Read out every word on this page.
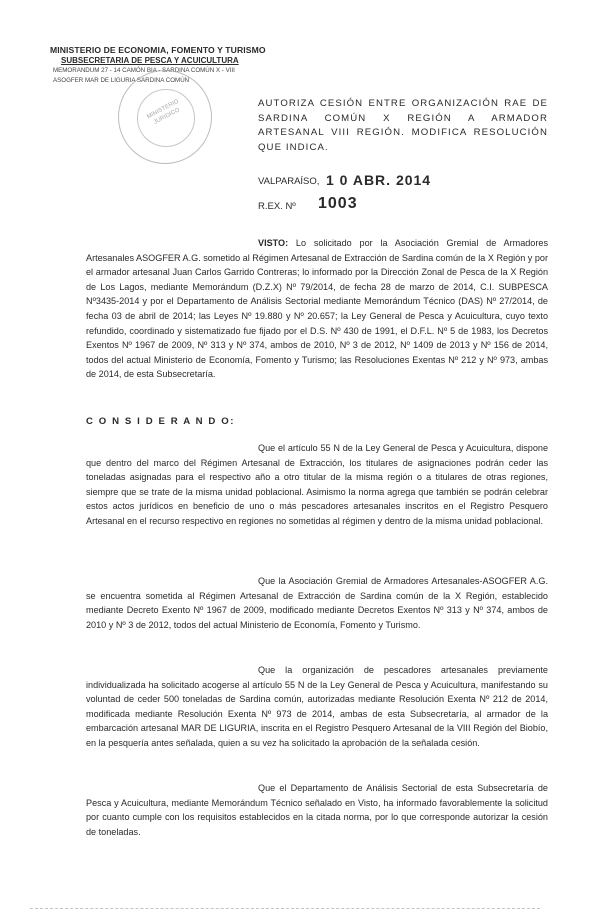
MINISTERIO DE ECONOMIA, FOMENTO Y TURISMO
SUBSECRETARIA DE PESCA Y ACUICULTURA
MEMORANDUM 27 - 14 CAMÓN BIA - SARDINA COMÚN X - VIII
ASOGFER MAR DE LIGURIA SARDINA COMÚN
MINISTERIO JURIDICO
AUTORIZA CESIÓN ENTRE ORGANIZACIÓN RAE DE SARDINA COMÚN X REGIÓN A ARMADOR ARTESANAL VIII REGIÓN. MODIFICA RESOLUCIÓN QUE INDICA.
VALPARAÍSO, 1 0 ABR. 2014
R.EX. Nº 1003

VISTO: Lo solicitado por la Asociación Gremial de Armadores Artesanales ASOGFER A.G. sometido al Régimen Artesanal de Extracción de Sardina común de la X Región y por el armador artesanal Juan Carlos Garrido Contreras; lo informado por la Dirección Zonal de Pesca de la X Región de Los Lagos, mediante Memorándum (D.Z.X) Nº 79/2014, de fecha 28 de marzo de 2014, C.I. SUBPESCA Nº3435-2014 y por el Departamento de Análisis Sectorial mediante Memorándum Técnico (DAS) Nº 27/2014, de fecha 03 de abril de 2014; las Leyes Nº 19.880 y Nº 20.657; la Ley General de Pesca y Acuicultura, cuyo texto refundido, coordinado y sistematizado fue fijado por el D.S. Nº 430 de 1991, el D.F.L. Nº 5 de 1983, los Decretos Exentos Nº 1967 de 2009, Nº 313 y Nº 374, ambos de 2010, Nº 3 de 2012, Nº 1409 de 2013 y Nº 156 de 2014, todos del actual Ministerio de Economía, Fomento y Turismo; las Resoluciones Exentas Nº 212 y Nº 973, ambas de 2014, de esta Subsecretaría.

C O N S I D E R A N D O:

Que el artículo 55 N de la Ley General de Pesca y Acuicultura, dispone que dentro del marco del Régimen Artesanal de Extracción, los titulares de asignaciones podrán ceder las toneladas asignadas para el respectivo año a otro titular de la misma región o a titulares de otras regiones, siempre que se trate de la misma unidad poblacional. Asimismo la norma agrega que también se podrán celebrar estos actos jurídicos en beneficio de uno o más pescadores artesanales inscritos en el Registro Pesquero Artesanal en el recurso respectivo en regiones no sometidas al régimen y dentro de la misma unidad poblacional.

Que la Asociación Gremial de Armadores Artesanales-ASOGFER A.G. se encuentra sometida al Régimen Artesanal de Extracción de Sardina común de la X Región, establecido mediante Decreto Exento Nº 1967 de 2009, modificado mediante Decretos Exentos Nº 313 y Nº 374, ambos de 2010 y Nº 3 de 2012, todos del actual Ministerio de Economía, Fomento y Turismo.

Que la organización de pescadores artesanales previamente individualizada ha solicitado acogerse al artículo 55 N de la Ley General de Pesca y Acuicultura, manifestando su voluntad de ceder 500 toneladas de Sardina común, autorizadas mediante Resolución Exenta Nº 212 de 2014, modificada mediante Resolución Exenta Nº 973 de 2014, ambas de esta Subsecretaría, al armador de la embarcación artesanal MAR DE LIGURIA, inscrita en el Registro Pesquero Artesanal de la VIII Región del Biobío, en la pesquería antes señalada, quien a su vez ha solicitado la aprobación de la señalada cesión.

Que el Departamento de Análisis Sectorial de esta Subsecretaría de Pesca y Acuicultura, mediante Memorándum Técnico señalado en Visto, ha informado favorablemente la solicitud por cuanto cumple con los requisitos establecidos en la citada norma, por lo que corresponde autorizar la cesión de toneladas.
